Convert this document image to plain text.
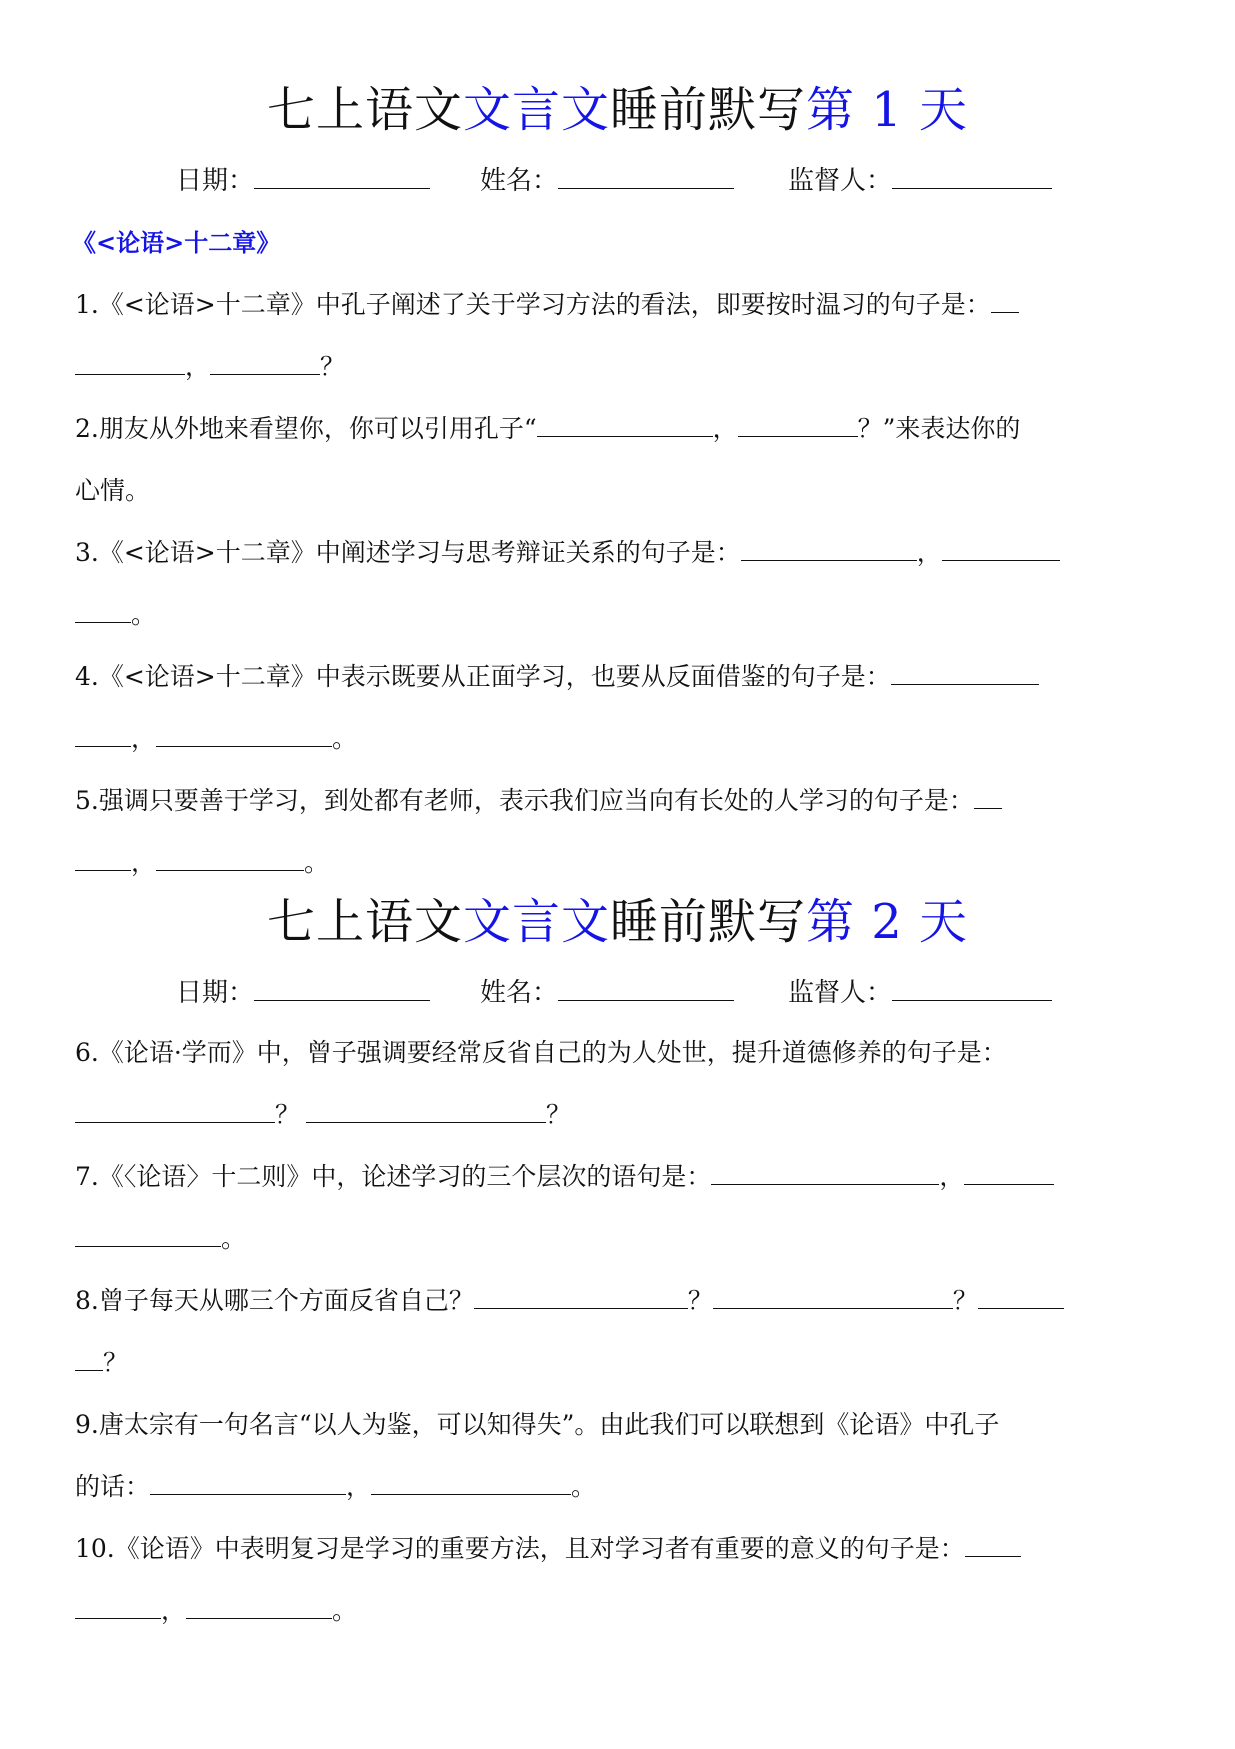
七上语文文言文睡前默写第 1 天
日期：	姓名：	监督人：
《<论语>十二章》
1.《<论语>十二章》中孔子阐述了关于学习方法的看法，即要按时温习的句子是：
，	？
2.朋友从外地来看望你，你可以引用孔子“	，	？”来表达你的
心情。
3.《<论语>十二章》中阐述学习与思考辩证关系的句子是：	，
。
4.《<论语>十二章》中表示既要从正面学习，也要从反面借鉴的句子是：
，	。
5.强调只要善于学习，到处都有老师，表示我们应当向有长处的人学习的句子是：
，	。
七上语文文言文睡前默写第 2 天
日期：	姓名：	监督人：
6.《论语·学而》中，曾子强调要经常反省自己的为人处世，提升道德修养的句子是：
？	？
7.《〈论语〉十二则》中，论述学习的三个层次的语句是：	，
。
8.曾子每天从哪三个方面反省自己？	？	？
？
9.唐太宗有一句名言“以人为鉴，可以知得失”。由此我们可以联想到《论语》中孔子
的话：	，	。
10.《论语》中表明复习是学习的重要方法，且对学习者有重要的意义的句子是：
，	。
